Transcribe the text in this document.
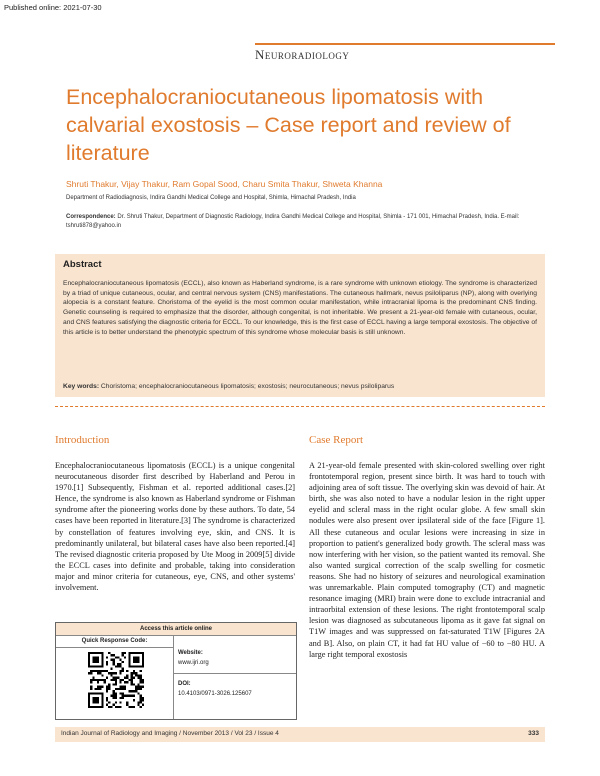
Published online: 2021-07-30
Neuroradiology
Encephalocraniocutaneous lipomatosis with calvarial exostosis – Case report and review of literature
Shruti Thakur, Vijay Thakur, Ram Gopal Sood, Charu Smita Thakur, Shweta Khanna
Department of Radiodiagnosis, Indira Gandhi Medical College and Hospital, Shimla, Himachal Pradesh, India
Correspondence: Dr. Shruti Thakur, Department of Diagnostic Radiology, Indira Gandhi Medical College and Hospital, Shimla - 171 001, Himachal Pradesh, India. E-mail: tshruti878@yahoo.in
Abstract
Encephalocraniocutaneous lipomatosis (ECCL), also known as Haberland syndrome, is a rare syndrome with unknown etiology. The syndrome is characterized by a triad of unique cutaneous, ocular, and central nervous system (CNS) manifestations. The cutaneous hallmark, nevus psiloliparus (NP), along with overlying alopecia is a constant feature. Choristoma of the eyelid is the most common ocular manifestation, while intracranial lipoma is the predominant CNS finding. Genetic counseling is required to emphasize that the disorder, although congenital, is not inheritable. We present a 21-year-old female with cutaneous, ocular, and CNS features satisfying the diagnostic criteria for ECCL. To our knowledge, this is the first case of ECCL having a large temporal exostosis. The objective of this article is to better understand the phenotypic spectrum of this syndrome whose molecular basis is still unknown.
Key words: Choristoma; encephalocraniocutaneous lipomatosis; exostosis; neurocutaneous; nevus psiloliparus
Introduction	Case Report
Encephalocraniocutaneous lipomatosis (ECCL) is a unique congenital neurocutaneous disorder first described by Haberland and Perou in 1970.[1] Subsequently, Fishman et al. reported additional cases.[2] Hence, the syndrome is also known as Haberland syndrome or Fishman syndrome after the pioneering works done by these authors. To date, 54 cases have been reported in literature.[3] The syndrome is characterized by constellation of features involving eye, skin, and CNS. It is predominantly unilateral, but bilateral cases have also been reported.[4] The revised diagnostic criteria proposed by Ute Moog in 2009[5] divide the ECCL cases into definite and probable, taking into consideration major and minor criteria for cutaneous, eye, CNS, and other systems' involvement.
A 21-year-old female presented with skin-colored swelling over right frontotemporal region, present since birth. It was hard to touch with adjoining area of soft tissue. The overlying skin was devoid of hair. At birth, she was also noted to have a nodular lesion in the right upper eyelid and scleral mass in the right ocular globe. A few small skin nodules were also present over ipsilateral side of the face [Figure 1]. All these cutaneous and ocular lesions were increasing in size in proportion to patient's generalized body growth. The scleral mass was now interfering with her vision, so the patient wanted its removal. She also wanted surgical correction of the scalp swelling for cosmetic reasons. She had no history of seizures and neurological examination was unremarkable. Plain computed tomography (CT) and magnetic resonance imaging (MRI) brain were done to exclude intracranial and intraorbital extension of these lesions. The right frontotemporal scalp lesion was diagnosed as subcutaneous lipoma as it gave fat signal on T1W images and was suppressed on fat-saturated T1W [Figures 2A and B]. Also, on plain CT, it had fat HU value of −60 to −80 HU. A large right temporal exostosis
Access this article online
Quick Response Code:
Website:
www.ijri.org
DOI:
10.4103/0971-3026.125607
Indian Journal of Radiology and Imaging / November 2013 / Vol 23 / Issue 4	333
